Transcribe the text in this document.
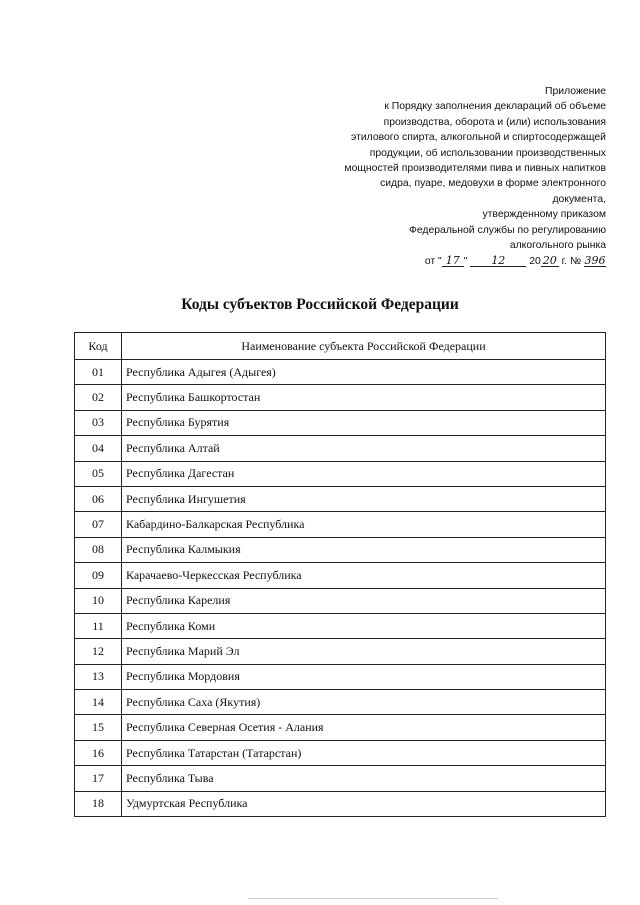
Приложение
к Порядку заполнения деклараций об объеме
производства, оборота и (или) использования
этилового спирта, алкогольной и спиртосодержащей
продукции, об использовании производственных
мощностей производителями пива и пивных напитков
сидра, пуаре, медовухи в форме электронного
документа,
утвержденному приказом
Федеральной службы по регулированию
алкогольного рынка
от " 17 " 12 20 20 г. № 396
Коды субъектов Российской Федерации
Код	Наименование субъекта Российской Федерации
01	Республика Адыгея (Адыгея)
02	Республика Башкортостан
03	Республика Бурятия
04	Республика Алтай
05	Республика Дагестан
06	Республика Ингушетия
07	Кабардино-Балкарская Республика
08	Республика Калмыкия
09	Карачаево-Черкесская Республика
10	Республика Карелия
11	Республика Коми
12	Республика Марий Эл
13	Республика Мордовия
14	Республика Саха (Якутия)
15	Республика Северная Осетия - Алания
16	Республика Татарстан (Татарстан)
17	Республика Тыва
18	Удмуртская Республика
